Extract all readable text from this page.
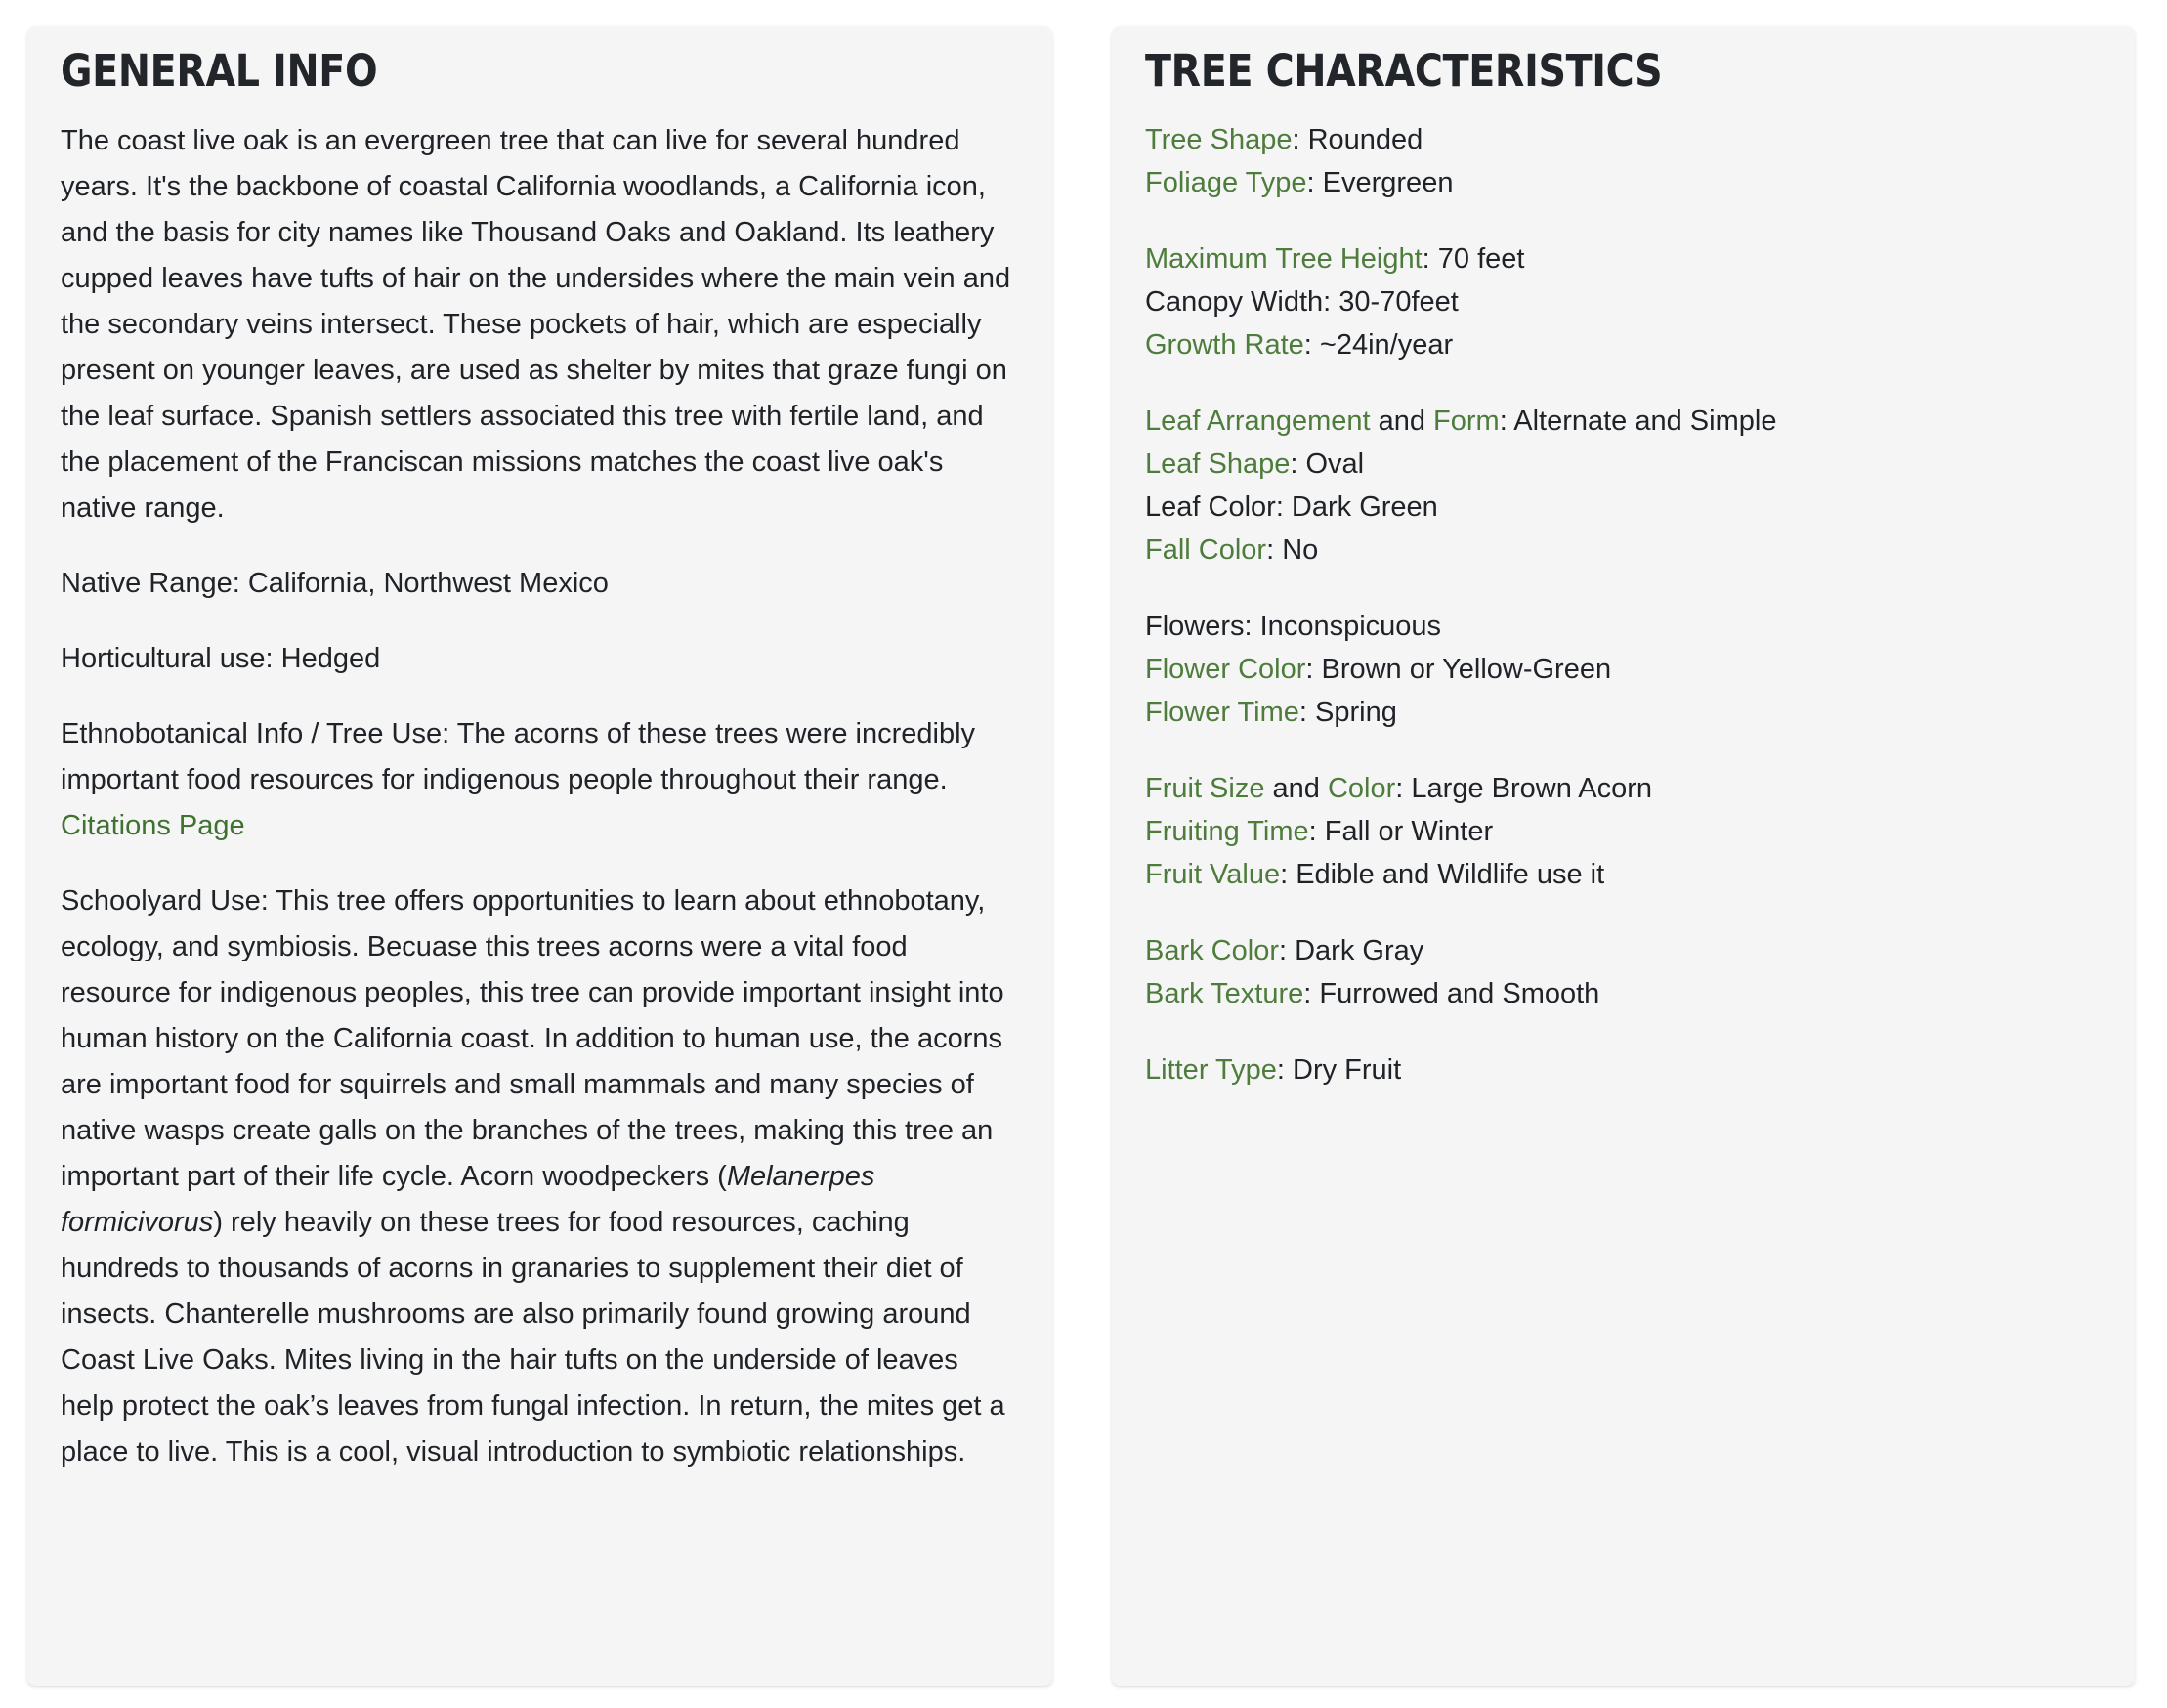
GENERAL INFO

The coast live oak is an evergreen tree that can live for several hundred years. It's the backbone of coastal California woodlands, a California icon, and the basis for city names like Thousand Oaks and Oakland. Its leathery cupped leaves have tufts of hair on the undersides where the main vein and the secondary veins intersect. These pockets of hair, which are especially present on younger leaves, are used as shelter by mites that graze fungi on the leaf surface. Spanish settlers associated this tree with fertile land, and the placement of the Franciscan missions matches the coast live oak's native range.

Native Range: California, Northwest Mexico

Horticultural use: Hedged

Ethnobotanical Info / Tree Use: The acorns of these trees were incredibly important food resources for indigenous people throughout their range. Citations Page

Schoolyard Use: This tree offers opportunities to learn about ethnobotany, ecology, and symbiosis. Becuase this trees acorns were a vital food resource for indigenous peoples, this tree can provide important insight into human history on the California coast. In addition to human use, the acorns are important food for squirrels and small mammals and many species of native wasps create galls on the branches of the trees, making this tree an important part of their life cycle. Acorn woodpeckers (Melanerpes formicivorus) rely heavily on these trees for food resources, caching hundreds to thousands of acorns in granaries to supplement their diet of insects. Chanterelle mushrooms are also primarily found growing around Coast Live Oaks. Mites living in the hair tufts on the underside of leaves help protect the oak’s leaves from fungal infection. In return, the mites get a place to live. This is a cool, visual introduction to symbiotic relationships.

TREE CHARACTERISTICS
Tree Shape: Rounded
Foliage Type: Evergreen
Maximum Tree Height: 70 feet
Canopy Width: 30-70feet
Growth Rate: ~24in/year
Leaf Arrangement and Form: Alternate and Simple
Leaf Shape: Oval
Leaf Color: Dark Green
Fall Color: No
Flowers: Inconspicuous
Flower Color: Brown or Yellow-Green
Flower Time: Spring
Fruit Size and Color: Large Brown Acorn
Fruiting Time: Fall or Winter
Fruit Value: Edible and Wildlife use it
Bark Color: Dark Gray
Bark Texture: Furrowed and Smooth
Litter Type: Dry Fruit
